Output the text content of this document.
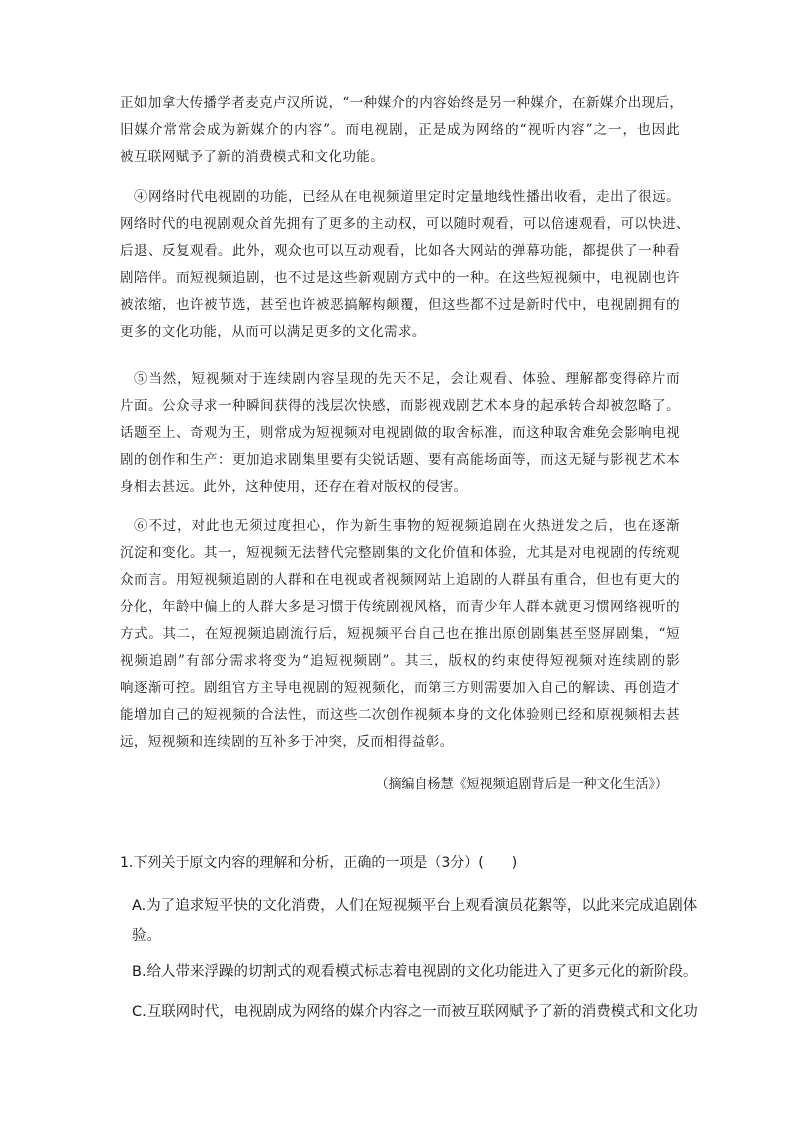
正如加拿大传播学者麦克卢汉所说，“一种媒介的内容始终是另一种媒介，在新媒介出现后，
旧媒介常常会成为新媒介的内容”。而电视剧，正是成为网络的“视听内容”之一，也因此
被互联网赋予了新的消费模式和文化功能。
④网络时代电视剧的功能，已经从在电视频道里定时定量地线性播出收看，走出了很远。
网络时代的电视剧观众首先拥有了更多的主动权，可以随时观看，可以倍速观看，可以快进、
后退、反复观看。此外，观众也可以互动观看，比如各大网站的弹幕功能，都提供了一种看
剧陪伴。而短视频追剧，也不过是这些新观剧方式中的一种。在这些短视频中，电视剧也许
被浓缩，也许被节选，甚至也许被恶搞解构颠覆，但这些都不过是新时代中，电视剧拥有的
更多的文化功能，从而可以满足更多的文化需求。
⑤当然，短视频对于连续剧内容呈现的先天不足，会让观看、体验、理解都变得碎片而
片面。公众寻求一种瞬间获得的浅层次快感，而影视戏剧艺术本身的起承转合却被忽略了。
话题至上、奇观为王，则常成为短视频对电视剧做的取舍标准，而这种取舍难免会影响电视
剧的创作和生产：更加追求剧集里要有尖锐话题、要有高能场面等，而这无疑与影视艺术本
身相去甚远。此外，这种使用，还存在着对版权的侵害。
⑥不过，对此也无须过度担心，作为新生事物的短视频追剧在火热迸发之后，也在逐渐
沉淀和变化。其一，短视频无法替代完整剧集的文化价值和体验，尤其是对电视剧的传统观
众而言。用短视频追剧的人群和在电视或者视频网站上追剧的人群虽有重合，但也有更大的
分化，年龄中偏上的人群大多是习惯于传统剧视风格，而青少年人群本就更习惯网络视听的
方式。其二，在短视频追剧流行后，短视频平台自己也在推出原创剧集甚至竖屏剧集，“短
视频追剧”有部分需求将变为“追短视频剧”。其三，版权的约束使得短视频对连续剧的影
响逐渐可控。剧组官方主导电视剧的短视频化，而第三方则需要加入自己的解读、再创造才
能增加自己的短视频的合法性，而这些二次创作视频本身的文化体验则已经和原视频相去甚
远，短视频和连续剧的互补多于冲突，反而相得益彰。

（摘编自杨慧《短视频追剧背后是一种文化生活》）

1.下列关于原文内容的理解和分析，正确的一项是（3分）(　　)

A.为了追求短平快的文化消费，人们在短视频平台上观看演员花絮等，以此来完成追剧体
验。
B.给人带来浮躁的切割式的观看模式标志着电视剧的文化功能进入了更多元化的新阶段。
C.互联网时代，电视剧成为网络的媒介内容之一而被互联网赋予了新的消费模式和文化功
